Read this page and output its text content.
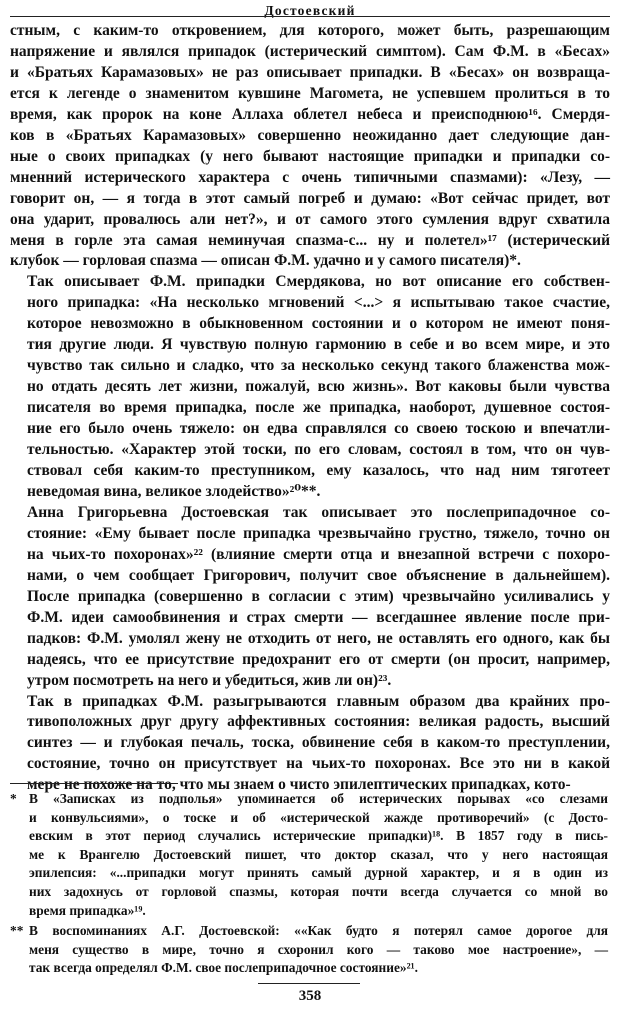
Достоевский

стным, с каким-то откровением, для которого, может быть, разрешающим
напряжение и являлся припадок (истерический симптом). Сам Ф.М. в «Бесах»
и «Братьях Карамазовых» не раз описывает припадки. В «Бесах» он возвраща-
ется к легенде о знаменитом кувшине Магомета, не успевшем пролиться в то
время, как пророк на коне Аллаха облетел небеса и преисподнюю¹⁶. Смердя-
ков в «Братьях Карамазовых» совершенно неожиданно дает следующие дан-
ные о своих припадках (у него бывают настоящие припадки и припадки со-
мненний истерического характера с очень типичными спазмами): «Лезу, —
говорит он, — я тогда в этот самый погреб и думаю: «Вот сейчас придет, вот
она ударит, провалюсь али нет?», и от самого этого сумления вдруг схватила
меня в горле эта самая неминучая спазма-с... ну и полетел»¹⁷ (истерический
клубок — горловая спазма — описан Ф.М. удачно и у самого писателя)*.

Так описывает Ф.М. припадки Смердякова, но вот описание его собствен-
ного припадка: «На несколько мгновений <...> я испытываю такое счастие,
которое невозможно в обыкновенном состоянии и о котором не имеют поня-
тия другие люди. Я чувствую полную гармонию в себе и во всем мире, и это
чувство так сильно и сладко, что за несколько секунд такого блаженства мож-
но отдать десять лет жизни, пожалуй, всю жизнь». Вот каковы были чувства
писателя во время припадка, после же припадка, наоборот, душевное состоя-
ние его было очень тяжело: он едва справлялся со своею тоскою и впечатли-
тельностью. «Характер этой тоски, по его словам, состоял в том, что он чув-
ствовал себя каким-то преступником, ему казалось, что над ним тяготеет
неведомая вина, великое злодейство»²⁰**.

Анна Григорьевна Достоевская так описывает это послеприпадочное со-
стояние: «Ему бывает после припадка чрезвычайно грустно, тяжело, точно он
на чьих-то похоронах»²² (влияние смерти отца и внезапной встречи с похоро-
нами, о чем сообщает Григорович, получит свое объяснение в дальнейшем).
После припадка (совершенно в согласии с этим) чрезвычайно усиливались у
Ф.М. идеи самообвинения и страх смерти — всегдашнее явление после при-
падков: Ф.М. умолял жену не отходить от него, не оставлять его одного, как бы
надеясь, что ее присутствие предохранит его от смерти (он просит, например,
утром посмотреть на него и убедиться, жив ли он)²³.

Так в припадках Ф.М. разыгрываются главным образом два крайних про-
тивоположных друг другу аффективных состояния: великая радость, высший
синтез — и глубокая печаль, тоска, обвинение себя в каком-то преступлении,
состояние, точно он присутствует на чьих-то похоронах. Все это ни в какой
мере не похоже на то, что мы знаем о чисто эпилептических припадках, кото-

* В «Записках из подполья» упоминается об истерических порывах «со слезами
и конвульсиями», о тоске и об «истерической жажде противоречий» (с Досто-
евским в этот период случались истерические припадки)¹⁸. В 1857 году в пись-
ме к Врангелю Достоевский пишет, что доктор сказал, что у него настоящая
эпилепсия: «...припадки могут принять самый дурной характер, и я в один из
них задохнусь от горловой спазмы, которая почти всегда случается со мной во
время припадка»¹⁹.
** В воспоминаниях А.Г. Достоевской: ««Как будто я потерял самое дорогое для
меня существо в мире, точно я схоронил кого — таково мое настроение», —
так всегда определял Ф.М. свое послеприпадочное состояние»²¹.
358
